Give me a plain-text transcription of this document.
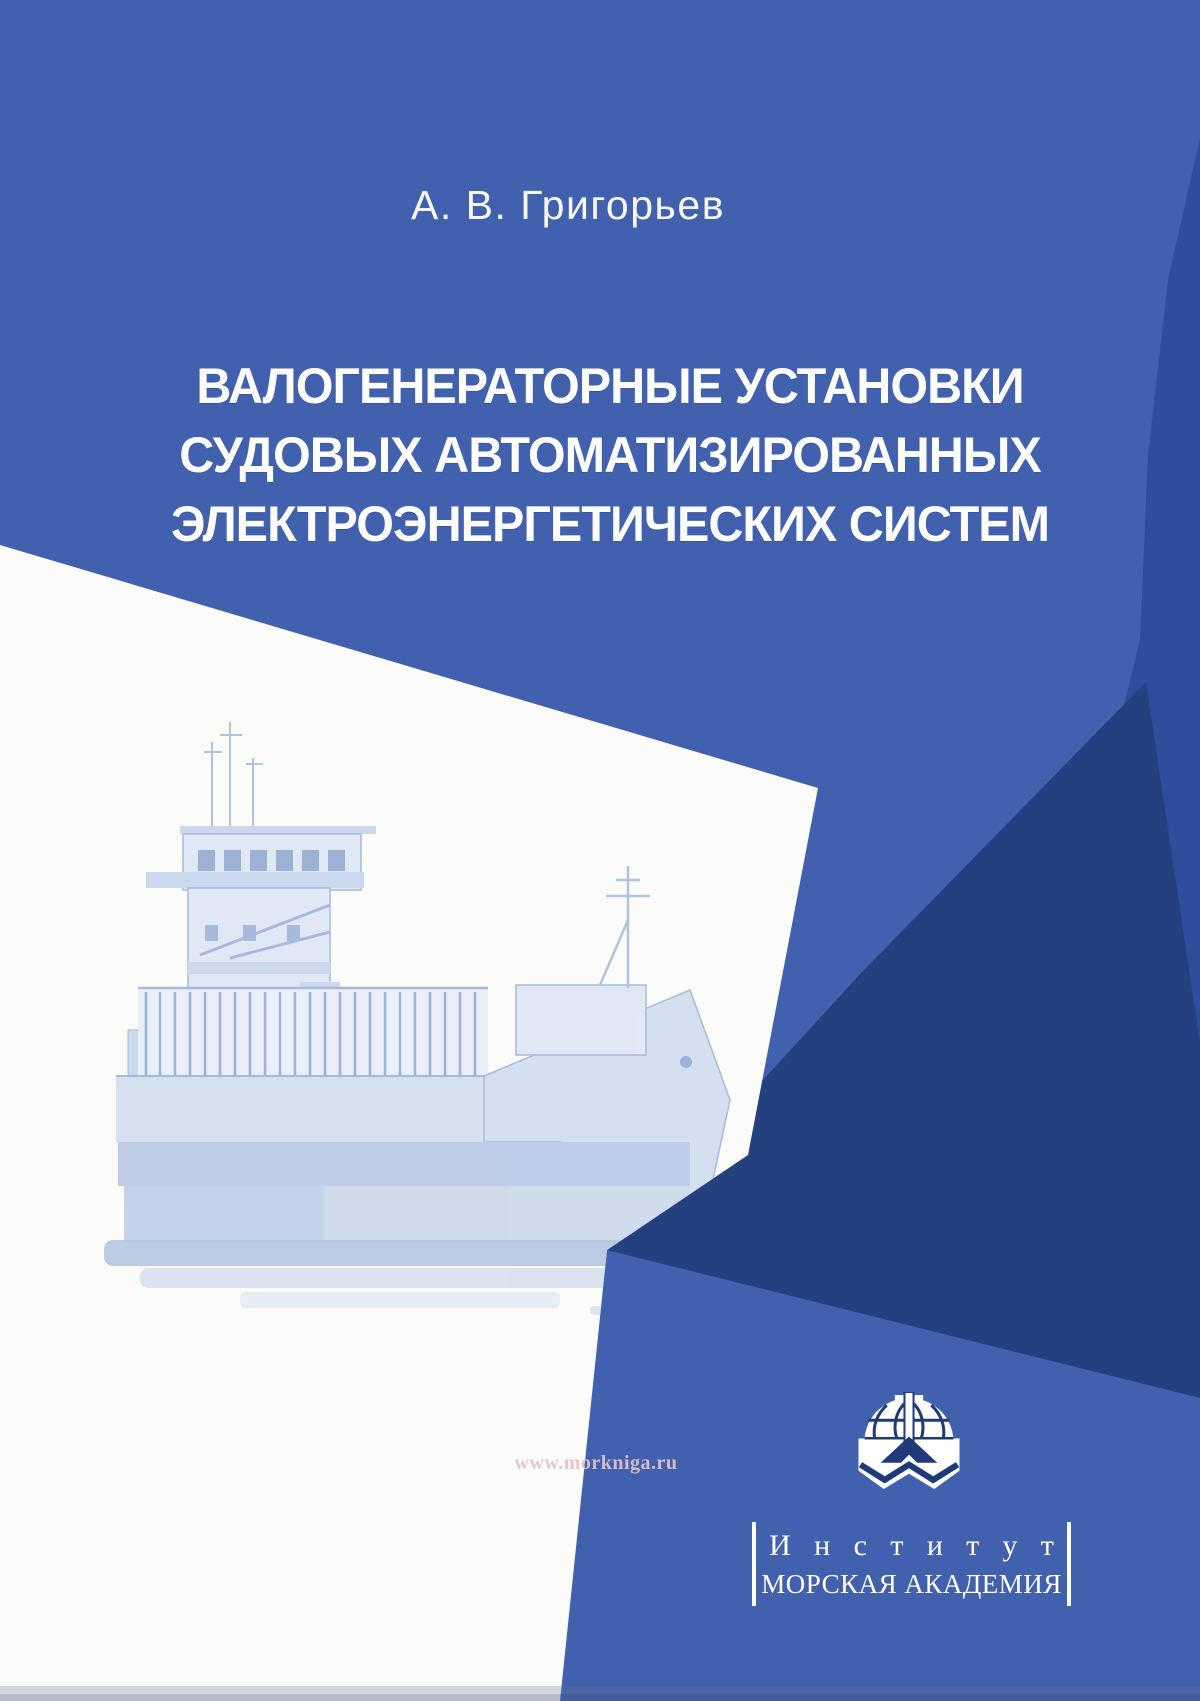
А. В. Григорьев
ВАЛОГЕНЕРАТОРНЫЕ УСТАНОВКИ
СУДОВЫХ АВТОМАТИЗИРОВАННЫХ
ЭЛЕКТРОЭНЕРГЕТИЧЕСКИХ СИСТЕМ
www.morkniga.ru
Институт
МОРСКАЯ АКАДЕМИЯ
